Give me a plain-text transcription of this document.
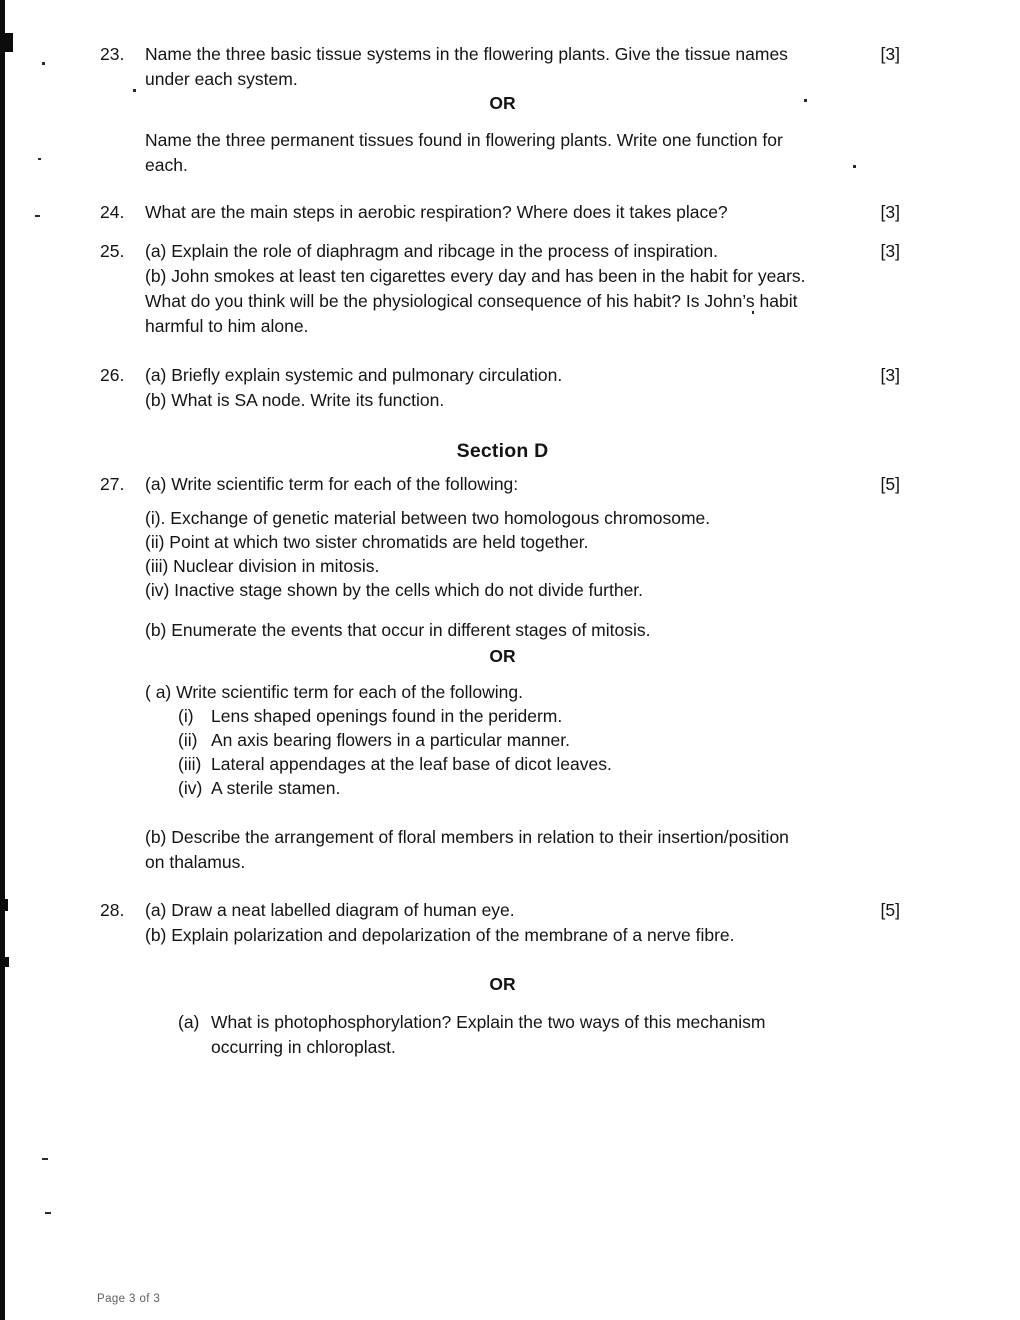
23. Name the three basic tissue systems in the flowering plants. Give the tissue names
under each system.
[3]
OR
Name the three permanent tissues found in flowering plants. Write one function for
each.
24. What are the main steps in aerobic respiration? Where does it takes place?	[3]
25. (a) Explain the role of diaphragm and ribcage in the process of inspiration.
(b) John smokes at least ten cigarettes every day and has been in the habit for years.
What do you think will be the physiological consequence of his habit? Is John’s habit
harmful to him alone.
[3]
26. (a) Briefly explain systemic and pulmonary circulation.
(b) What is SA node. Write its function.
[3]
Section D
27. (a) Write scientific term for each of the following:	[5]
(i). Exchange of genetic material between two homologous chromosome.
(ii) Point at which two sister chromatids are held together.
(iii) Nuclear division in mitosis.
(iv) Inactive stage shown by the cells which do not divide further.
(b) Enumerate the events that occur in different stages of mitosis.
OR
( a) Write scientific term for each of the following.
(i) Lens shaped openings found in the periderm.
(ii) An axis bearing flowers in a particular manner.
(iii) Lateral appendages at the leaf base of dicot leaves.
(iv) A sterile stamen.
(b) Describe the arrangement of floral members in relation to their insertion/position
on thalamus.
28. (a) Draw a neat labelled diagram of human eye.
(b) Explain polarization and depolarization of the membrane of a nerve fibre.
[5]
OR
(a) What is photophosphorylation? Explain the two ways of this mechanism
occurring in chloroplast.
Page 3 of 3
